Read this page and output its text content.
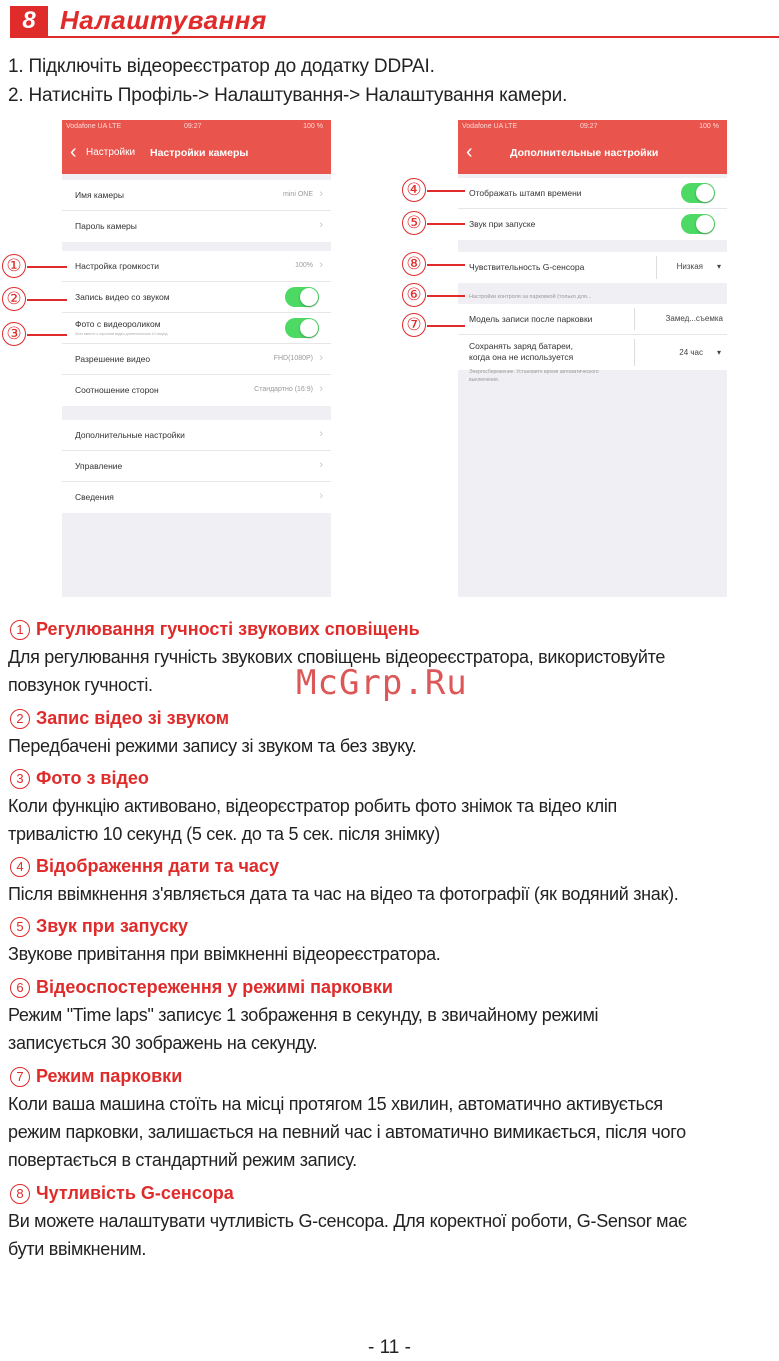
8 Налаштування
1. Підключіть відеореєстратор до додатку DDPAI.
2. Натисніть Профіль-> Налаштування-> Налаштування камери.
Vodafone UA LTE	09:27	100 %
‹ Настройки Настройки камеры
Имя камеры	mini ONE ›
Пароль камеры	›
Настройка громкости	100% ›
Запись видео со звуком
Фото с видеороликом
Фото вместе с коротким видео длительностью 10 секунд
Разрешение видео	FHD(1080P) ›
Соотношение сторон	Стандартно (16:9) ›
Дополнительные настройки	›
Управление	›
Сведения	›
Vodafone UA LTE	09:27	100 %
‹	Дополнительные настройки
Отображать штамп времени
Звук при запуске
Чувствительность G-сенсора	Низкая ▾
Настройки контроля за парковкой (только для...
Модель записи после парковки	Замед...съемка
Сохранять заряд батареи,
когда она не используется	24 час ▾
Энергосбережение: Установите время автоматического
выключения.
①
②
③
④
⑤
⑧
⑥
⑦
1 Регулювання гучності звукових сповіщень
Для регулювання гучність звукових сповіщень відеореєстратора, використовуйте
повзунок гучності.
2 Запис відео зі звуком
Передбачені режими запису зі звуком та без звуку.
3 Фото з відео
Коли функцію активовано, відеорєстратор робить фото знімок та відео кліп
тривалістю 10 секунд (5 сек. до та 5 сек. після знімку)
4 Відображення дати та часу
Після ввімкнення з'являється дата та час на відео та фотографії (як водяний знак).
5 Звук при запуску
Звукове привітання при ввімкненні відеореєстратора.
6 Відеоспостереження у режимі парковки
Режим "Time laps" записує 1 зображення в секунду, в звичайному режимі
записується 30 зображень на секунду.
7 Режим парковки
Коли ваша машина стоїть на місці протягом 15 хвилин, автоматично активується
режим парковки, залишається на певний час і автоматично вимикається, після чого
повертається в стандартний режим запису.
8 Чутливість G-сенсора
Ви можете налаштувати чутливість G-сенсора. Для коректної роботи, G-Sensor має
бути ввімкненим.
McGrp.Ru
- 11 -
